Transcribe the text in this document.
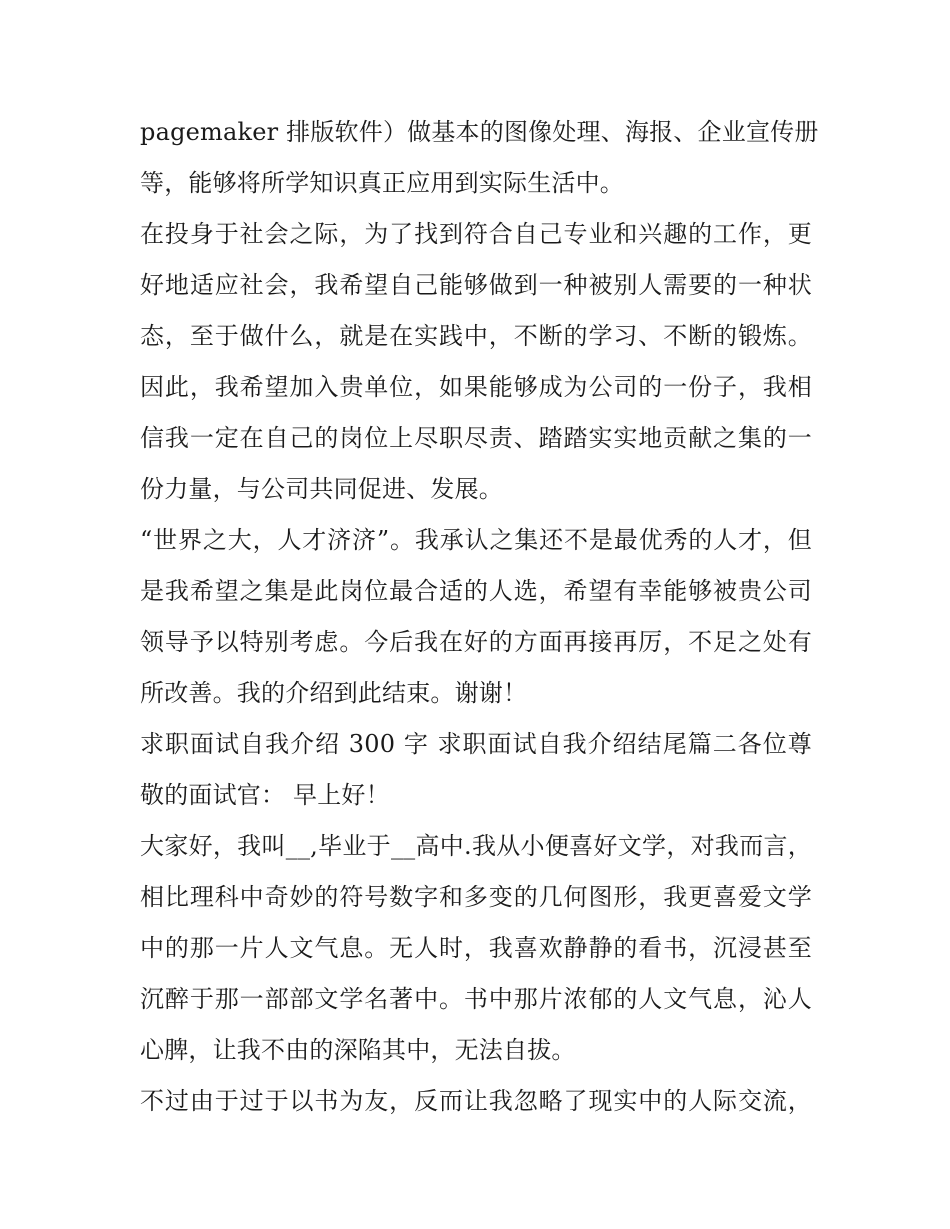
pagemaker 排版软件）做基本的图像处理、海报、企业宣传册
等，能够将所学知识真正应用到实际生活中。
在投身于社会之际，为了找到符合自己专业和兴趣的工作，更
好地适应社会，我希望自己能够做到一种被别人需要的一种状
态，至于做什么，就是在实践中，不断的学习、不断的锻炼。
因此，我希望加入贵单位，如果能够成为公司的一份子，我相
信我一定在自己的岗位上尽职尽责、踏踏实实地贡献之集的一
份力量，与公司共同促进、发展。
“世界之大，人才济济”。我承认之集还不是最优秀的人才，但
是我希望之集是此岗位最合适的人选，希望有幸能够被贵公司
领导予以特别考虑。今后我在好的方面再接再厉，不足之处有
所改善。我的介绍到此结束。谢谢！
求职面试自我介绍 300 字 求职面试自我介绍结尾篇二各位尊
敬的面试官： 早上好！
大家好，我叫__,毕业于__高中.我从小便喜好文学，对我而言，
相比理科中奇妙的符号数字和多变的几何图形，我更喜爱文学
中的那一片人文气息。无人时，我喜欢静静的看书，沉浸甚至
沉醉于那一部部文学名著中。书中那片浓郁的人文气息，沁人
心脾，让我不由的深陷其中，无法自拔。
不过由于过于以书为友，反而让我忽略了现实中的人际交流，
